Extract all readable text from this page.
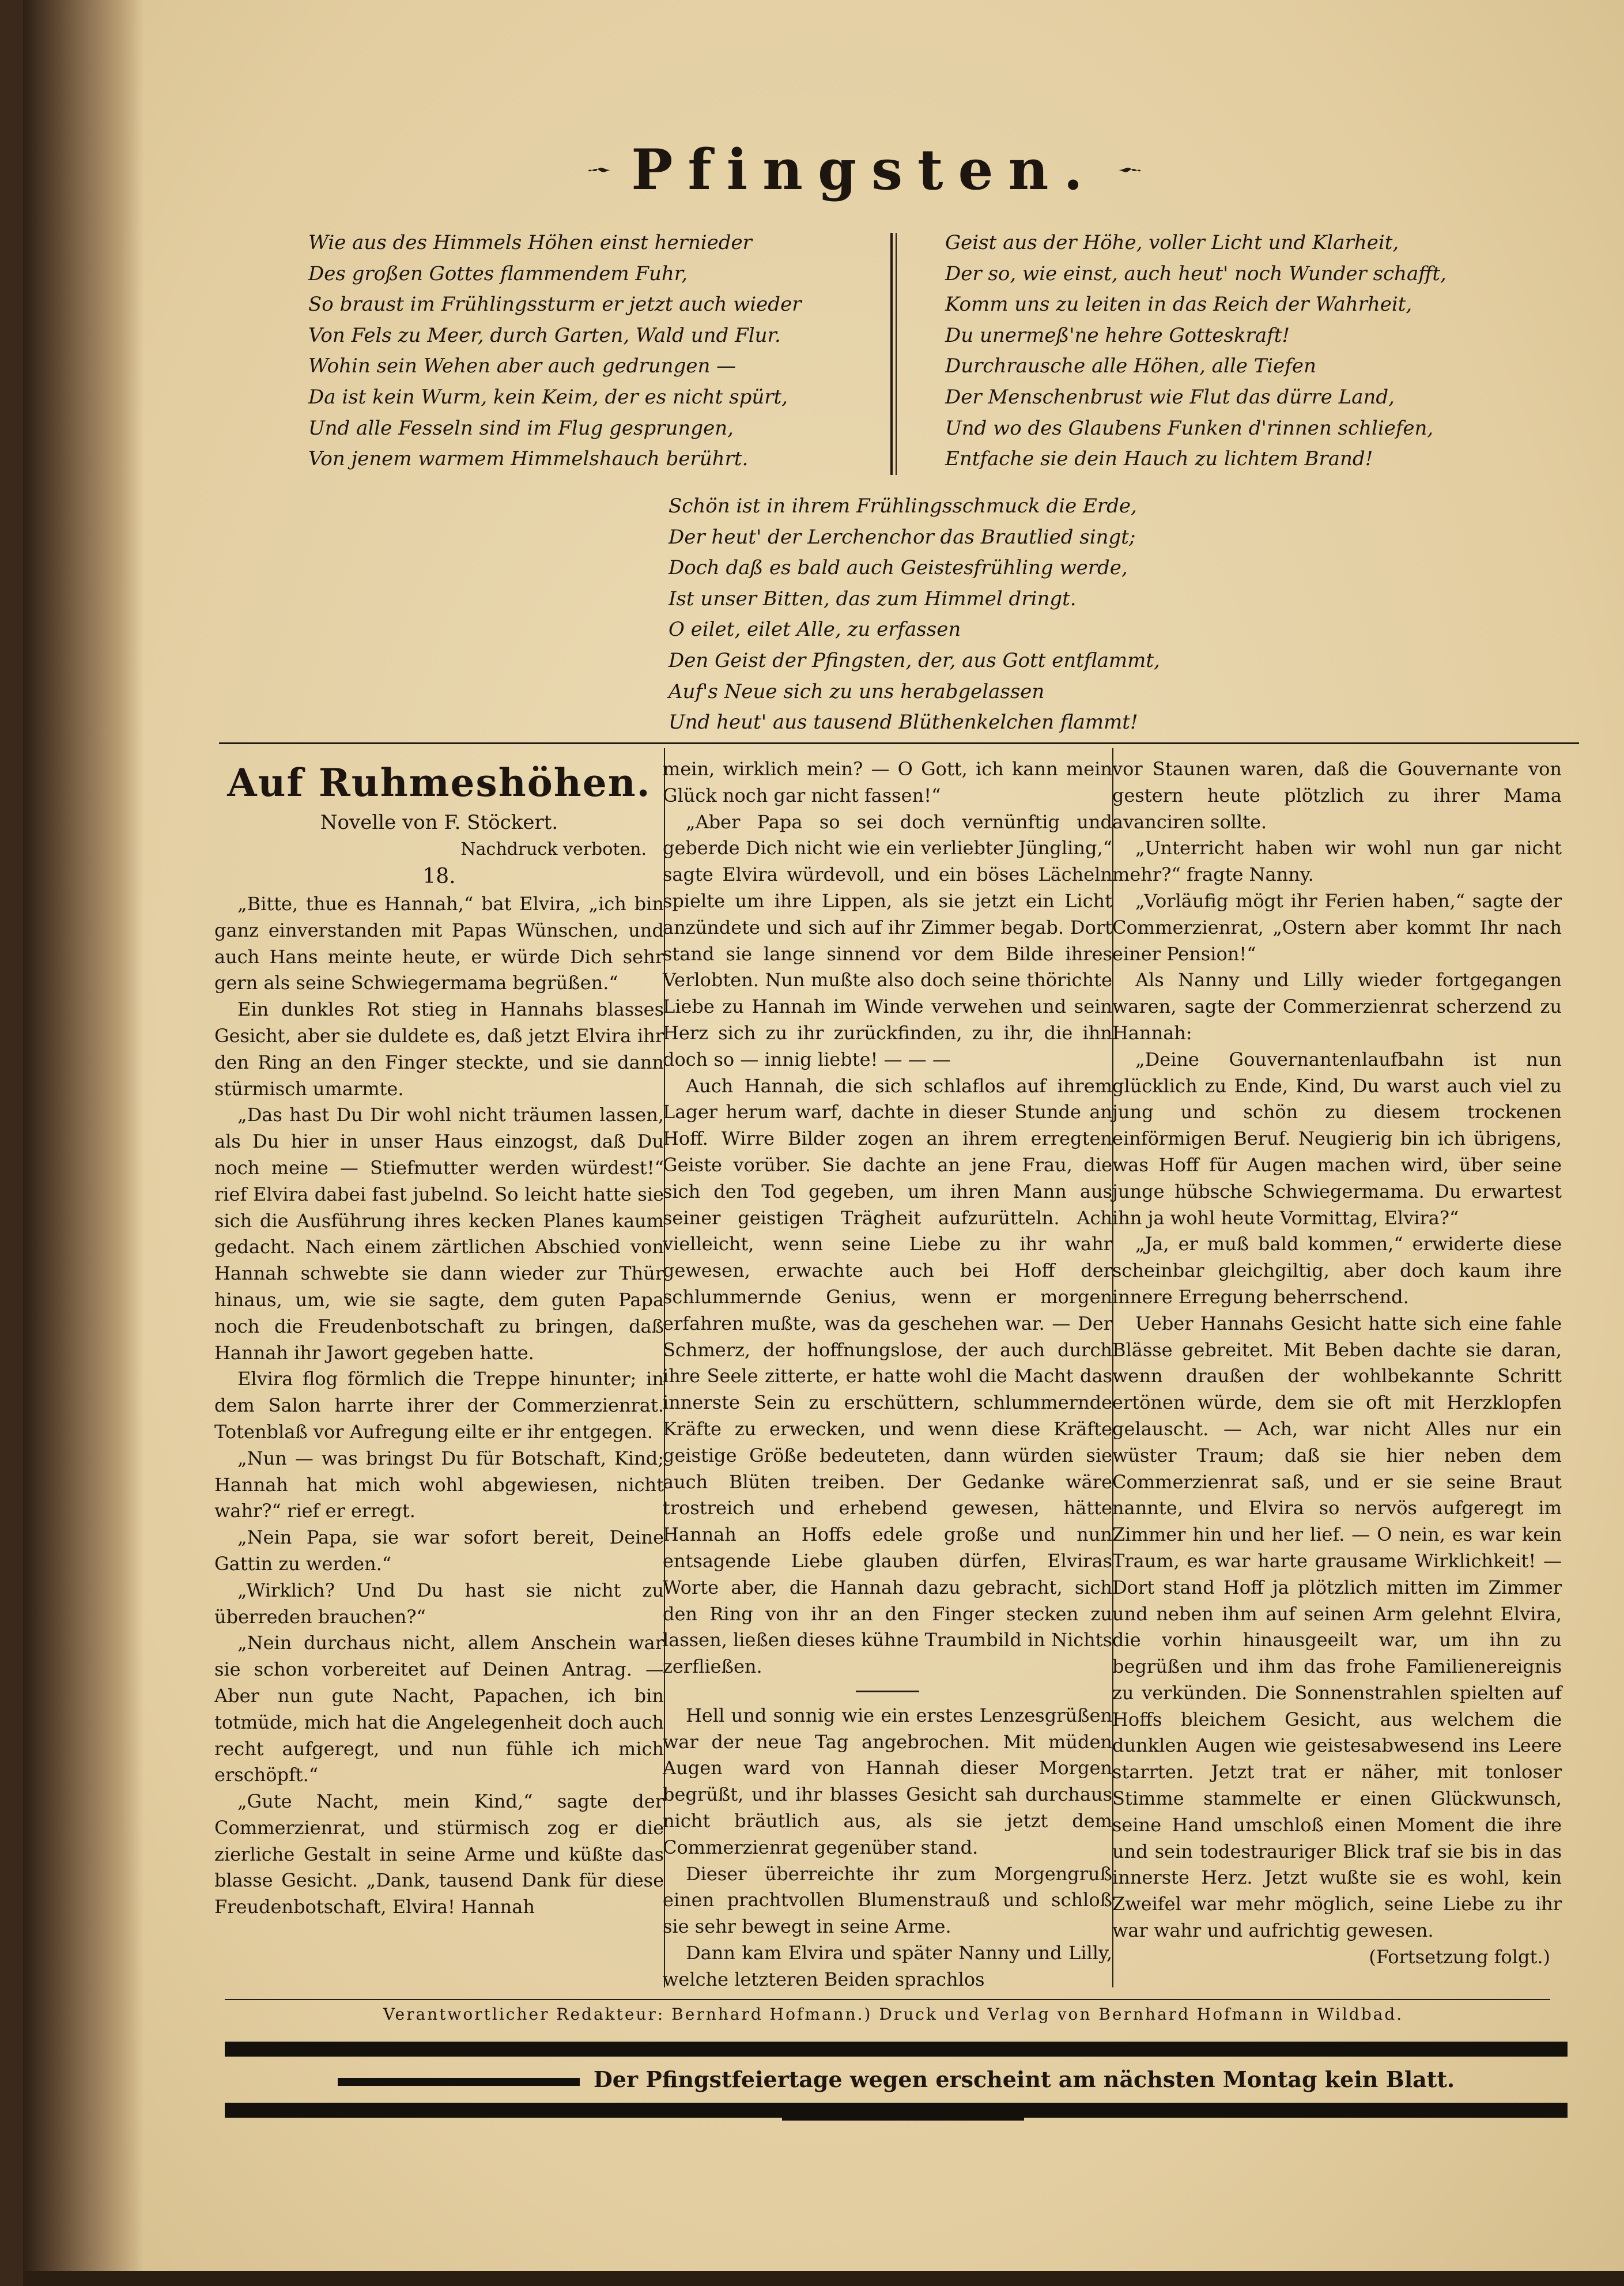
Pfingsten.
Wie aus des Himmels Höhen einst hernieder
Des großen Gottes flammendem Fuhr,
So braust im Frühlingssturm er jetzt auch wieder
Von Fels zu Meer, durch Garten, Wald und Flur.
Wohin sein Wehen aber auch gedrungen —
Da ist kein Wurm, kein Keim, der es nicht spürt,
Und alle Fesseln sind im Flug gesprungen,
Von jenem warmem Himmelshauch berührt.
Geist aus der Höhe, voller Licht und Klarheit,
Der so, wie einst, auch heut' noch Wunder schafft,
Komm uns zu leiten in das Reich der Wahrheit,
Du unermeß'ne hehre Gotteskraft!
Durchrausche alle Höhen, alle Tiefen
Der Menschenbrust wie Flut das dürre Land,
Und wo des Glaubens Funken d'rinnen schliefen,
Entfache sie dein Hauch zu lichtem Brand!
Schön ist in ihrem Frühlingsschmuck die Erde,
Der heut' der Lerchenchor das Brautlied singt;
Doch daß es bald auch Geistesfrühling werde,
Ist unser Bitten, das zum Himmel dringt.
O eilet, eilet Alle, zu erfassen
Den Geist der Pfingsten, der, aus Gott entflammt,
Auf's Neue sich zu uns herabgelassen
Und heut' aus tausend Blüthenkelchen flammt!

Auf Ruhmeshöhen.

Novelle von F. Stöckert.

Nachdruck verboten.

18.

„Bitte, thue es Hannah,“ bat Elvira, „ich bin ganz einverstanden mit Papas Wünschen, und auch Hans meinte heute, er würde Dich sehr gern als seine Schwiegermama begrüßen.“

Ein dunkles Rot stieg in Hannahs blasses Gesicht, aber sie duldete es, daß jetzt Elvira ihr den Ring an den Finger steckte, und sie dann stürmisch umarmte.

„Das hast Du Dir wohl nicht träumen lassen, als Du hier in unser Haus einzogst, daß Du noch meine — Stiefmutter werden würdest!“ rief Elvira dabei fast jubelnd. So leicht hatte sie sich die Ausführung ihres kecken Planes kaum gedacht. Nach einem zärtlichen Abschied von Hannah schwebte sie dann wieder zur Thür hinaus, um, wie sie sagte, dem guten Papa noch die Freudenbotschaft zu bringen, daß Hannah ihr Jawort gegeben hatte.

Elvira flog förmlich die Treppe hinunter; in dem Salon harrte ihrer der Commerzienrat. Totenblaß vor Aufregung eilte er ihr entgegen.

„Nun — was bringst Du für Botschaft, Kind; Hannah hat mich wohl abgewiesen, nicht wahr?“ rief er erregt.

„Nein Papa, sie war sofort bereit, Deine Gattin zu werden.“

„Wirklich? Und Du hast sie nicht zu überreden brauchen?“

„Nein durchaus nicht, allem Anschein war sie schon vorbereitet auf Deinen Antrag. — Aber nun gute Nacht, Papachen, ich bin totmüde, mich hat die Angelegenheit doch auch recht aufgeregt, und nun fühle ich mich erschöpft.“

„Gute Nacht, mein Kind,“ sagte der Commerzienrat, und stürmisch zog er die zierliche Gestalt in seine Arme und küßte das blasse Gesicht. „Dank, tausend Dank für diese Freudenbotschaft, Elvira! Hannah

mein, wirklich mein? — O Gott, ich kann mein Glück noch gar nicht fassen!“

„Aber Papa so sei doch vernünftig und geberde Dich nicht wie ein verliebter Jüngling,“ sagte Elvira würdevoll, und ein böses Lächeln spielte um ihre Lippen, als sie jetzt ein Licht anzündete und sich auf ihr Zimmer begab. Dort stand sie lange sinnend vor dem Bilde ihres Verlobten. Nun mußte also doch seine thörichte Liebe zu Hannah im Winde verwehen und sein Herz sich zu ihr zurückfinden, zu ihr, die ihn doch so — innig liebte! — — —

Auch Hannah, die sich schlaflos auf ihrem Lager herum warf, dachte in dieser Stunde an Hoff. Wirre Bilder zogen an ihrem erregten Geiste vorüber. Sie dachte an jene Frau, die sich den Tod gegeben, um ihren Mann aus seiner geistigen Trägheit aufzurütteln. Ach vielleicht, wenn seine Liebe zu ihr wahr gewesen, erwachte auch bei Hoff der schlummernde Genius, wenn er morgen erfahren mußte, was da geschehen war. — Der Schmerz, der hoffnungslose, der auch durch ihre Seele zitterte, er hatte wohl die Macht das innerste Sein zu erschüttern, schlummernde Kräfte zu erwecken, und wenn diese Kräfte geistige Größe bedeuteten, dann würden sie auch Blüten treiben. Der Gedanke wäre trostreich und erhebend gewesen, hätte Hannah an Hoffs edele große und nun entsagende Liebe glauben dürfen, Elviras Worte aber, die Hannah dazu gebracht, sich den Ring von ihr an den Finger stecken zu lassen, ließen dieses kühne Traumbild in Nichts zerfließen.

Hell und sonnig wie ein erstes Lenzesgrüßen war der neue Tag angebrochen. Mit müden Augen ward von Hannah dieser Morgen begrüßt, und ihr blasses Gesicht sah durchaus nicht bräutlich aus, als sie jetzt dem Commerzienrat gegenüber stand.

Dieser überreichte ihr zum Morgengruß einen prachtvollen Blumenstrauß und schloß sie sehr bewegt in seine Arme.

Dann kam Elvira und später Nanny und Lilly, welche letzteren Beiden sprachlos

vor Staunen waren, daß die Gouvernante von gestern heute plötzlich zu ihrer Mama avanciren sollte.

„Unterricht haben wir wohl nun gar nicht mehr?“ fragte Nanny.

„Vorläufig mögt ihr Ferien haben,“ sagte der Commerzienrat, „Ostern aber kommt Ihr nach einer Pension!“

Als Nanny und Lilly wieder fortgegangen waren, sagte der Commerzienrat scherzend zu Hannah:

„Deine Gouvernantenlaufbahn ist nun glücklich zu Ende, Kind, Du warst auch viel zu jung und schön zu diesem trockenen einförmigen Beruf. Neugierig bin ich übrigens, was Hoff für Augen machen wird, über seine junge hübsche Schwiegermama. Du erwartest ihn ja wohl heute Vormittag, Elvira?“

„Ja, er muß bald kommen,“ erwiderte diese scheinbar gleichgiltig, aber doch kaum ihre innere Erregung beherrschend.

Ueber Hannahs Gesicht hatte sich eine fahle Blässe gebreitet. Mit Beben dachte sie daran, wenn draußen der wohlbekannte Schritt ertönen würde, dem sie oft mit Herzklopfen gelauscht. — Ach, war nicht Alles nur ein wüster Traum; daß sie hier neben dem Commerzienrat saß, und er sie seine Braut nannte, und Elvira so nervös aufgeregt im Zimmer hin und her lief. — O nein, es war kein Traum, es war harte grausame Wirklichkeit! — Dort stand Hoff ja plötzlich mitten im Zimmer und neben ihm auf seinen Arm gelehnt Elvira, die vorhin hinausgeeilt war, um ihn zu begrüßen und ihm das frohe Familienereignis zu verkünden. Die Sonnenstrahlen spielten auf Hoffs bleichem Gesicht, aus welchem die dunklen Augen wie geistesabwesend ins Leere starrten. Jetzt trat er näher, mit tonloser Stimme stammelte er einen Glückwunsch, seine Hand umschloß einen Moment die ihre und sein todestrauriger Blick traf sie bis in das innerste Herz. Jetzt wußte sie es wohl, kein Zweifel war mehr möglich, seine Liebe zu ihr war wahr und aufrichtig gewesen.

(Fortsetzung folgt.)

Verantwortlicher Redakteur: Bernhard Hofmann.) Druck und Verlag von Bernhard Hofmann in Wildbad.
Der Pfingstfeiertage wegen erscheint am nächsten Montag kein Blatt.
